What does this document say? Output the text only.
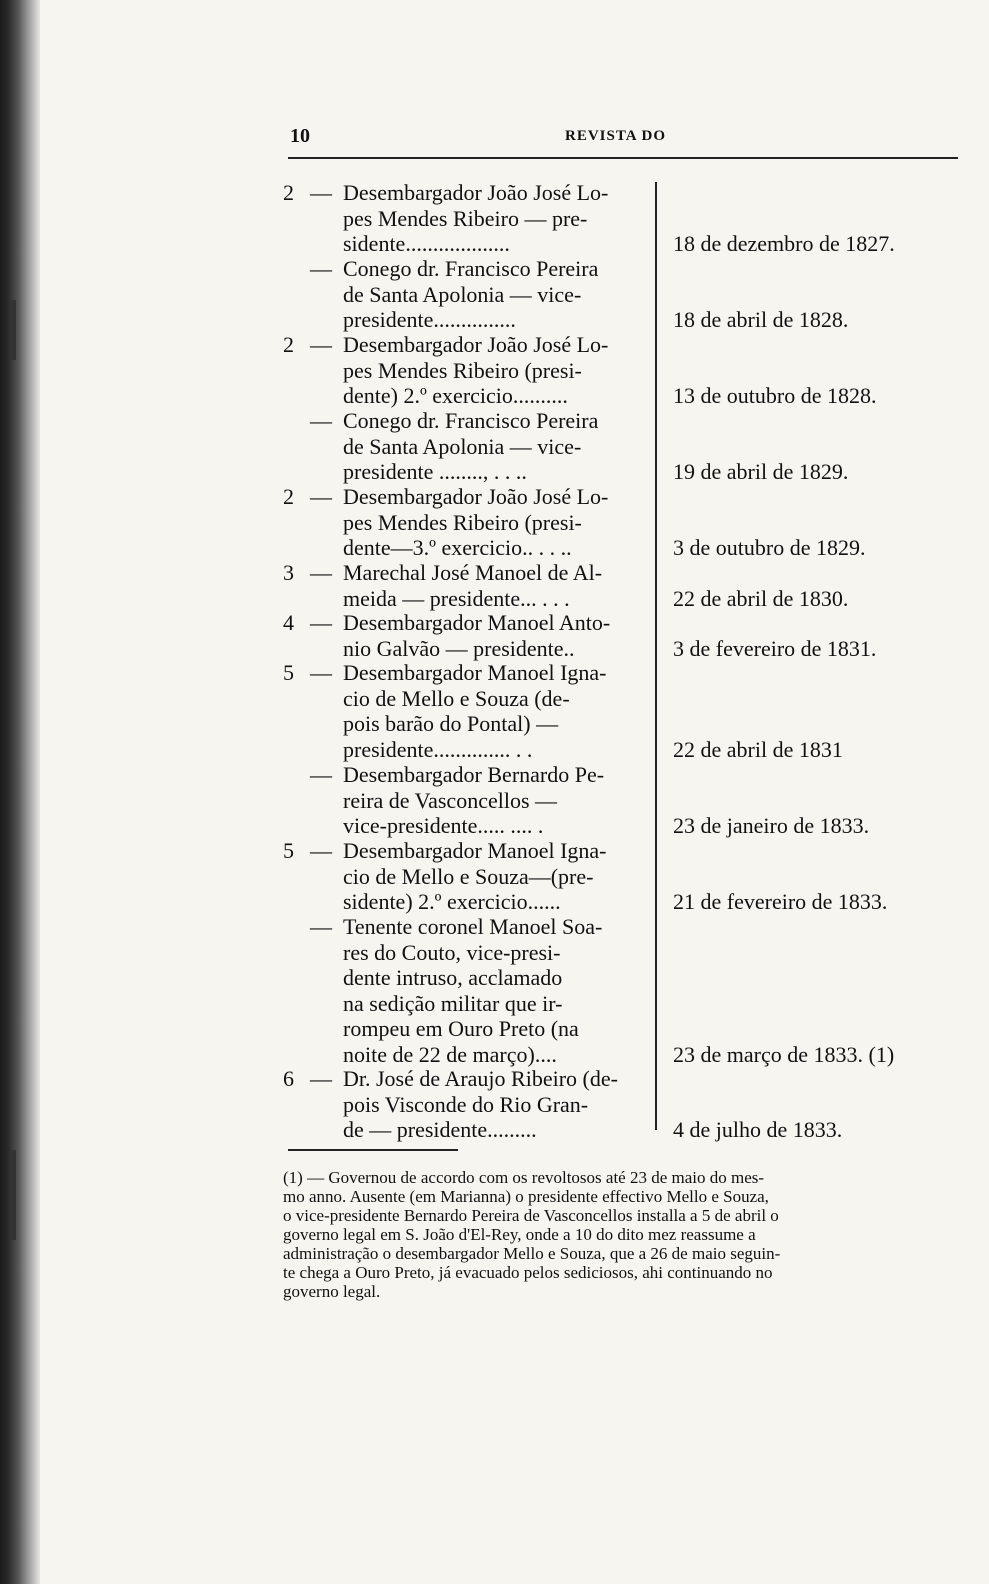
10	REVISTA DO
2 — Desembargador João José Lo-
pes Mendes Ribeiro — pre-
sidente...................	18 de dezembro de 1827.
— Conego dr. Francisco Pereira
de Santa Apolonia — vice-
presidente...............	18 de abril de 1828.
2 — Desembargador João José Lo-
pes Mendes Ribeiro (presi-
dente) 2.º exercicio..........	13 de outubro de 1828.
— Conego dr. Francisco Pereira
de Santa Apolonia — vice-
presidente ........, . . ..	19 de abril de 1829.
2 — Desembargador João José Lo-
pes Mendes Ribeiro (presi-
dente—3.º exercicio.. . . ..	3 de outubro de 1829.
3 — Marechal José Manoel de Al-
meida — presidente... . . .	22 de abril de 1830.
4 — Desembargador Manoel Anto-
nio Galvão — presidente..	3 de fevereiro de 1831.
5 — Desembargador Manoel Igna-
cio de Mello e Souza (de-
pois barão do Pontal) —
presidente.............. . .	22 de abril de 1831
— Desembargador Bernardo Pe-
reira de Vasconcellos —
vice-presidente..... .... .	23 de janeiro de 1833.
5 — Desembargador Manoel Igna-
cio de Mello e Souza—(pre-
sidente) 2.º exercicio......	21 de fevereiro de 1833.
— Tenente coronel Manoel Soa-
res do Couto, vice-presi-
dente intruso, acclamado
na sedição militar que ir-
rompeu em Ouro Preto (na
noite de 22 de março)....	23 de março de 1833. (1)
6 — Dr. José de Araujo Ribeiro (de-
pois Visconde do Rio Gran-
de — presidente.........	4 de julho de 1833.
(1) — Governou de accordo com os revoltosos até 23 de maio do mes-
mo anno. Ausente (em Marianna) o presidente effectivo Mello e Souza,
o vice-presidente Bernardo Pereira de Vasconcellos installa a 5 de abril o
governo legal em S. João d'El-Rey, onde a 10 do dito mez reassume a
administração o desembargador Mello e Souza, que a 26 de maio seguin-
te chega a Ouro Preto, já evacuado pelos sediciosos, ahi continuando no
governo legal.
